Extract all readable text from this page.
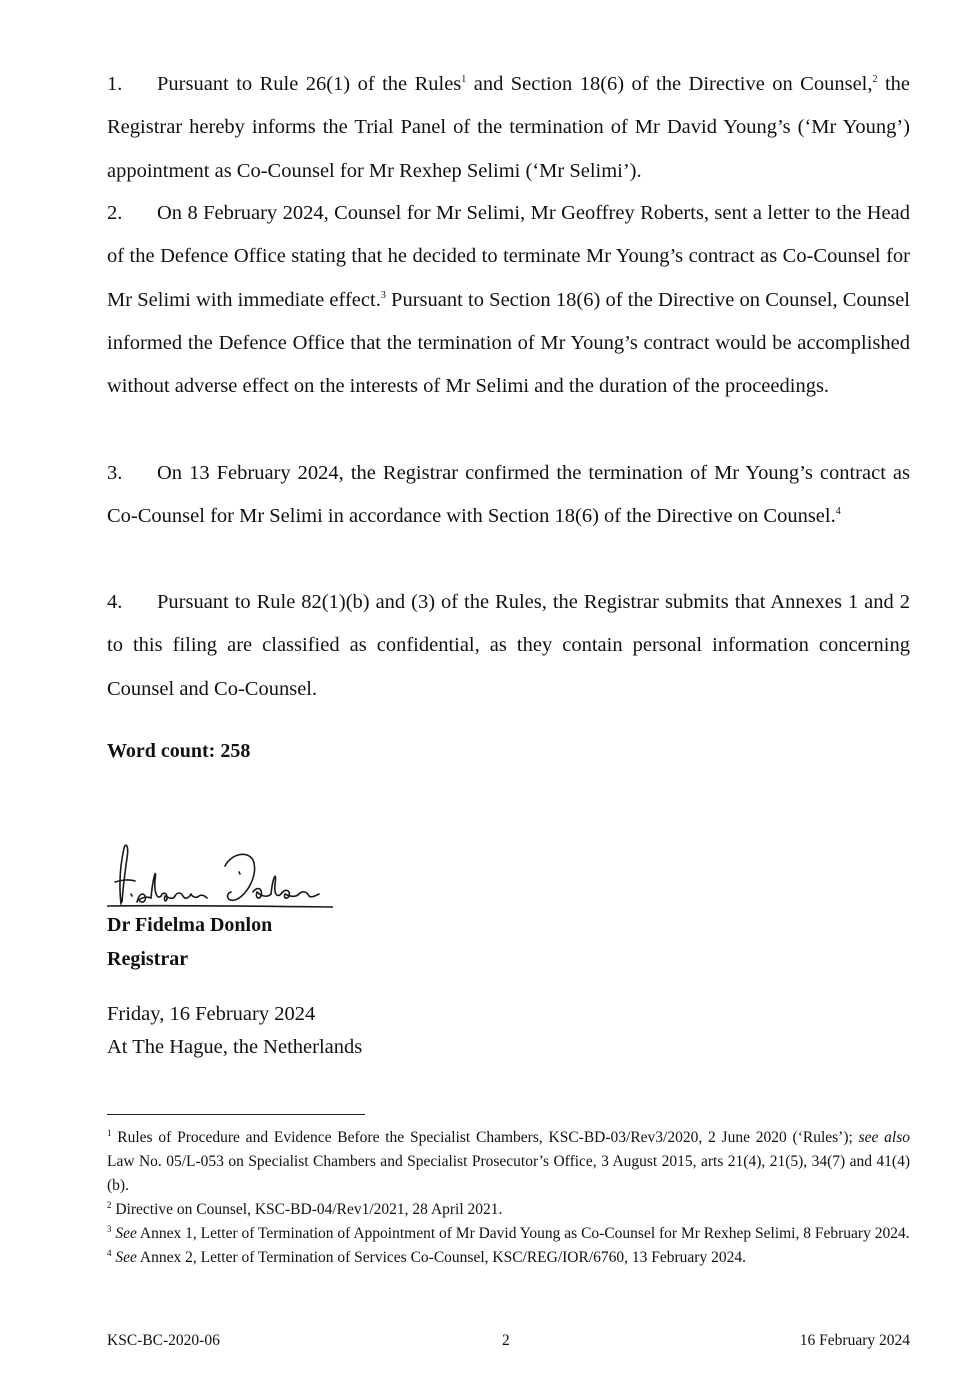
1. Pursuant to Rule 26(1) of the Rules$^1$ and Section 18(6) of the Directive on Counsel,$^2$ the Registrar hereby informs the Trial Panel of the termination of Mr David Young’s (‘Mr Young’) appointment as Co-Counsel for Mr Rexhep Selimi (‘Mr Selimi’).
2. On 8 February 2024, Counsel for Mr Selimi, Mr Geoffrey Roberts, sent a letter to the Head of the Defence Office stating that he decided to terminate Mr Young’s contract as Co-Counsel for Mr Selimi with immediate effect.$^3$ Pursuant to Section 18(6) of the Directive on Counsel, Counsel informed the Defence Office that the termination of Mr Young’s contract would be accomplished without adverse effect on the interests of Mr Selimi and the duration of the proceedings.
3. On 13 February 2024, the Registrar confirmed the termination of Mr Young’s contract as Co-Counsel for Mr Selimi in accordance with Section 18(6) of the Directive on Counsel.$^4$
4. Pursuant to Rule 82(1)(b) and (3) of the Rules, the Registrar submits that Annexes 1 and 2 to this filing are classified as confidential, as they contain personal information concerning Counsel and Co-Counsel.
Word count: 258
Dr Fidelma Donlon
Registrar
Friday, 16 February 2024
At The Hague, the Netherlands

$^1$ Rules of Procedure and Evidence Before the Specialist Chambers, KSC-BD-03/Rev3/2020, 2 June 2020 (‘Rules’); see also Law No. 05/L-053 on Specialist Chambers and Specialist Prosecutor’s Office, 3 August 2015, arts 21(4), 21(5), 34(7) and 41(4)(b).

$^2$ Directive on Counsel, KSC-BD-04/Rev1/2021, 28 April 2021.

$^3$ See Annex 1, Letter of Termination of Appointment of Mr David Young as Co-Counsel for Mr Rexhep Selimi, 8 February 2024.

$^4$ See Annex 2, Letter of Termination of Services Co-Counsel, KSC/REG/IOR/6760, 13 February 2024.

KSC-BC-2020-06	2	16 February 2024
